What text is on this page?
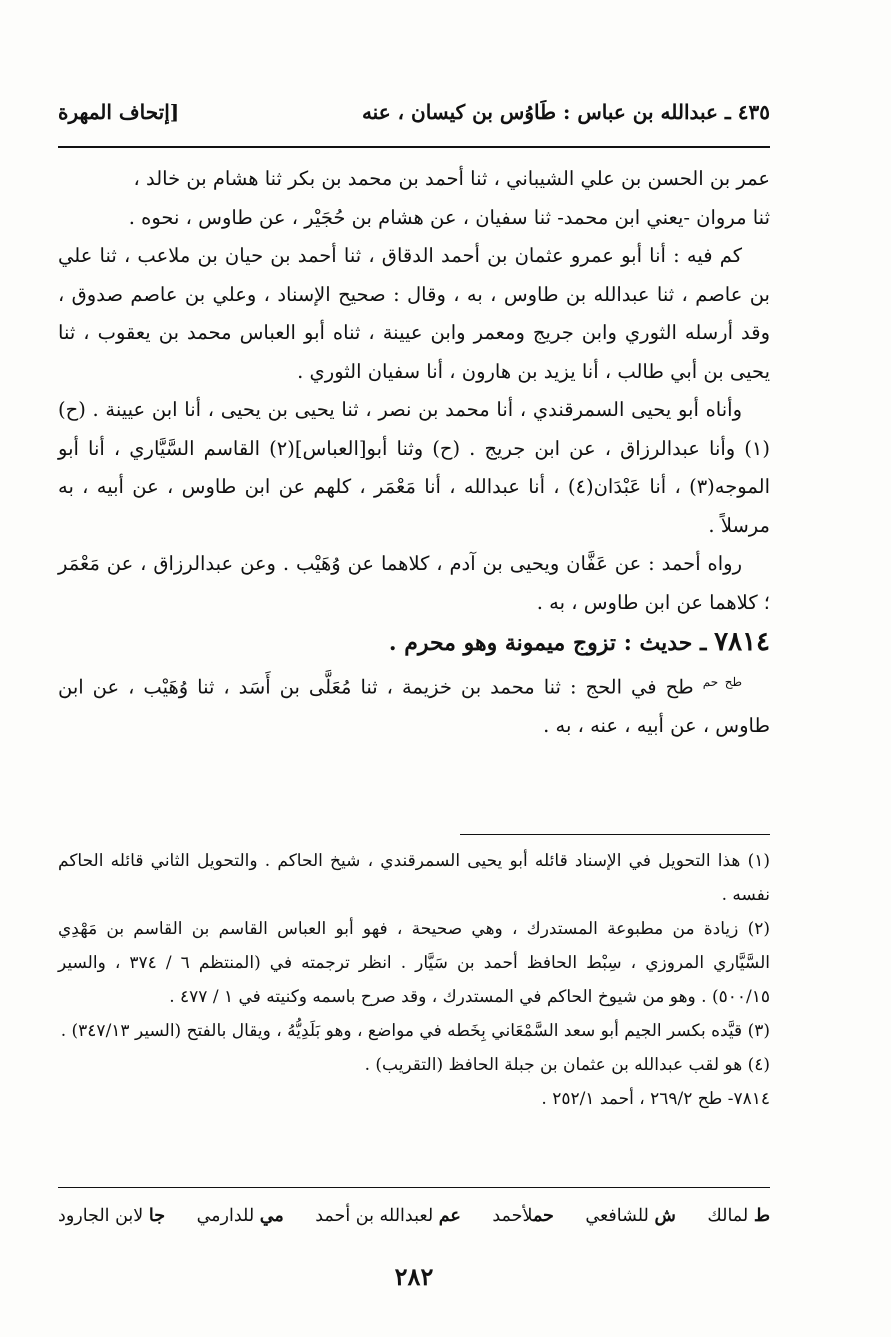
٤٣٥ ـ عبدالله بن عباس : طَاوُس بن كيسان ، عنه
[إتحاف المهرة

عمر بن الحسن بن علي الشيباني ، ثنا أحمد بن محمد بن بكر ثنا هشام بن خالد ،

ثنا مروان -يعني ابن محمد- ثنا سفيان ، عن هشام بن حُجَيْر ، عن طاوس ، نحوه .

كم فيه : أنا أبو عمرو عثمان بن أحمد الدقاق ، ثنا أحمد بن حيان بن ملاعب ، ثنا علي بن عاصم ، ثنا عبدالله بن طاوس ، به ، وقال : صحيح الإسناد ، وعلي بن عاصم صدوق ، وقد أرسله الثوري وابن جريج ومعمر وابن عيينة ، ثناه أبو العباس محمد بن يعقوب ، ثنا يحيى بن أبي طالب ، أنا يزيد بن هارون ، أنا سفيان الثوري .

وأناه أبو يحيى السمرقندي ، أنا محمد بن نصر ، ثنا يحيى بن يحيى ، أنا ابن عيينة . (ح)(١) وأنا عبدالرزاق ، عن ابن جريج . (ح) وثنا أبو[العباس](٢) القاسم السَّيَّاري ، أنا أبو الموجه(٣) ، أنا عَبْدَان(٤) ، أنا عبدالله ، أنا مَعْمَر ، كلهم عن ابن طاوس ، عن أبيه ، به مرسلاً .

رواه أحمد : عن عَفَّان ويحيى بن آدم ، كلاهما عن وُهَيْب . وعن عبدالرزاق ، عن مَعْمَر ؛ كلاهما عن ابن طاوس ، به .

٧٨١٤ ـ حديث : تزوج ميمونة وهو محرم .

$^{طح حم}$ طح في الحج : ثنا محمد بن خزيمة ، ثنا مُعَلَّى بن أَسَد ، ثنا وُهَيْب ، عن ابن طاوس ، عن أبيه ، عنه ، به .

(١) هذا التحويل في الإسناد قائله أبو يحيى السمرقندي ، شيخ الحاكم . والتحويل الثاني قائله الحاكم نفسه .

(٢) زيادة من مطبوعة المستدرك ، وهي صحيحة ، فهو أبو العباس القاسم بن القاسم بن مَهْدِي السَّيَّاري المروزي ، سِبْط الحافظ أحمد بن سَيَّار . انظر ترجمته في (المنتظم ٦ / ٣٧٤ ، والسير ٥٠٠/١٥) . وهو من شيوخ الحاكم في المستدرك ، وقد صرح باسمه وكنيته في ١ / ٤٧٧ .

(٣) قيَّده بكسر الجيم أبو سعد السَّمْعَاني بِخَطه في مواضع ، وهو بَلَدِيُّهُ ، ويقال بالفتح (السير ٣٤٧/١٣) .

(٤) هو لقب عبدالله بن عثمان بن جبلة الحافظ (التقريب) .

٧٨١٤- طح ٢٦٩/٢ ، أحمد ٢٥٢/١ .

ط لمالك
ش للشافعي
حملأحمد
عم لعبدالله بن أحمد
مي للدارمي
جا لابن الجارود
٢٨٢
